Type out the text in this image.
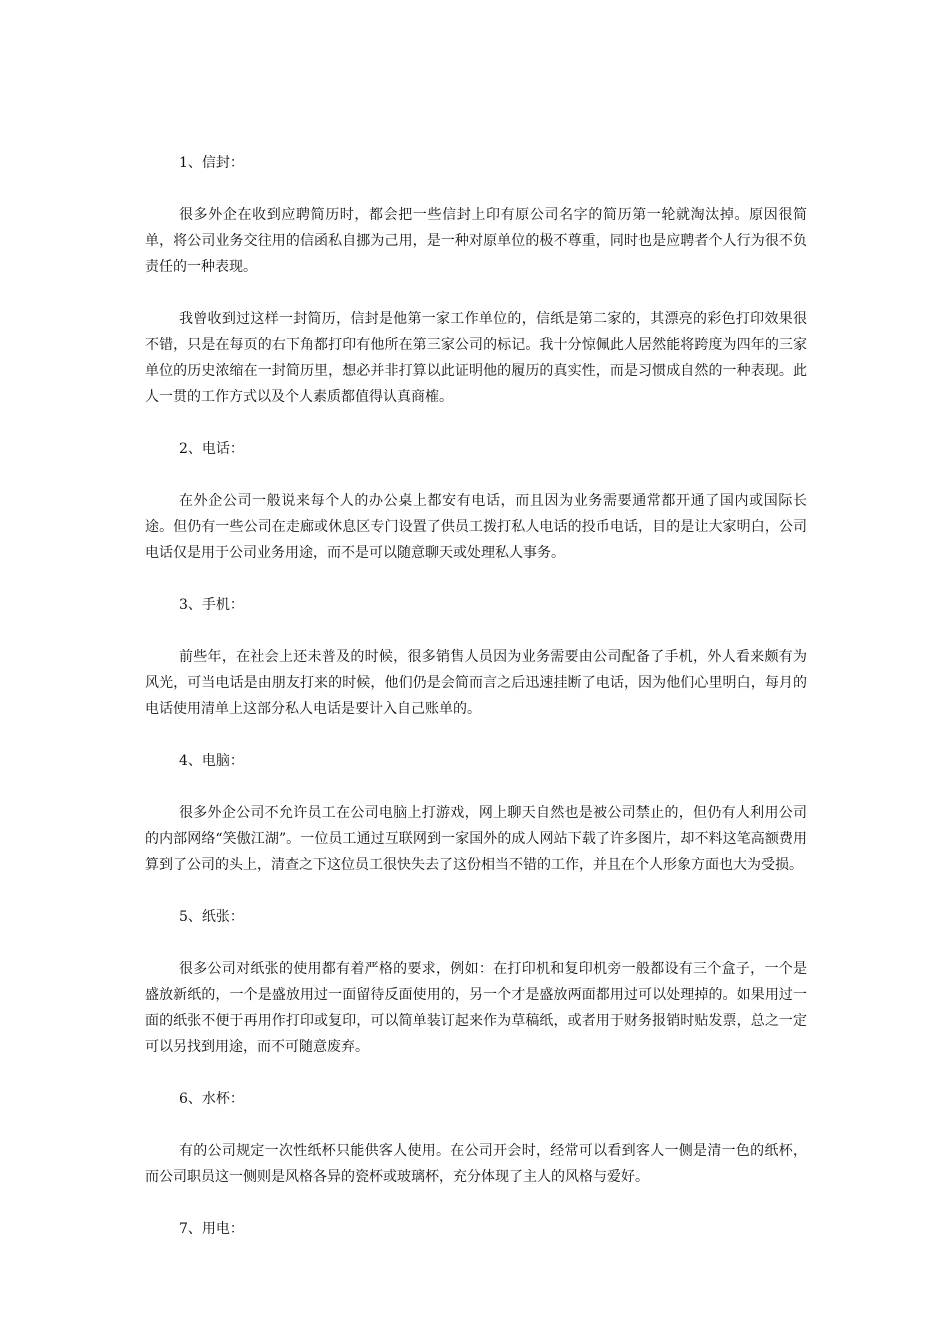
1、信封：

很多外企在收到应聘简历时，都会把一些信封上印有原公司名字的简历第一轮就淘汰掉。原因很简单，将公司业务交往用的信函私自挪为己用，是一种对原单位的极不尊重，同时也是应聘者个人行为很不负责任的一种表现。

我曾收到过这样一封简历，信封是他第一家工作单位的，信纸是第二家的，其漂亮的彩色打印效果很不错，只是在每页的右下角都打印有他所在第三家公司的标记。我十分惊佩此人居然能将跨度为四年的三家单位的历史浓缩在一封简历里，想必并非打算以此证明他的履历的真实性，而是习惯成自然的一种表现。此人一贯的工作方式以及个人素质都值得认真商榷。

2、电话：

在外企公司一般说来每个人的办公桌上都安有电话，而且因为业务需要通常都开通了国内或国际长途。但仍有一些公司在走廊或休息区专门设置了供员工拨打私人电话的投币电话，目的是让大家明白，公司电话仅是用于公司业务用途，而不是可以随意聊天或处理私人事务。

3、手机：

前些年，在社会上还未普及的时候，很多销售人员因为业务需要由公司配备了手机，外人看来颇有为风光，可当电话是由朋友打来的时候，他们仍是会简而言之后迅速挂断了电话，因为他们心里明白，每月的电话使用清单上这部分私人电话是要计入自己账单的。

4、电脑：

很多外企公司不允许员工在公司电脑上打游戏，网上聊天自然也是被公司禁止的，但仍有人利用公司的内部网络“笑傲江湖”。一位员工通过互联网到一家国外的成人网站下载了许多图片，却不料这笔高额费用算到了公司的头上，清查之下这位员工很快失去了这份相当不错的工作，并且在个人形象方面也大为受损。

5、纸张：

很多公司对纸张的使用都有着严格的要求，例如：在打印机和复印机旁一般都设有三个盒子，一个是盛放新纸的，一个是盛放用过一面留待反面使用的，另一个才是盛放两面都用过可以处理掉的。如果用过一面的纸张不便于再用作打印或复印，可以简单装订起来作为草稿纸，或者用于财务报销时贴发票，总之一定可以另找到用途，而不可随意废弃。

6、水杯：

有的公司规定一次性纸杯只能供客人使用。在公司开会时，经常可以看到客人一侧是清一色的纸杯，而公司职员这一侧则是风格各异的瓷杯或玻璃杯，充分体现了主人的风格与爱好。

7、用电：
